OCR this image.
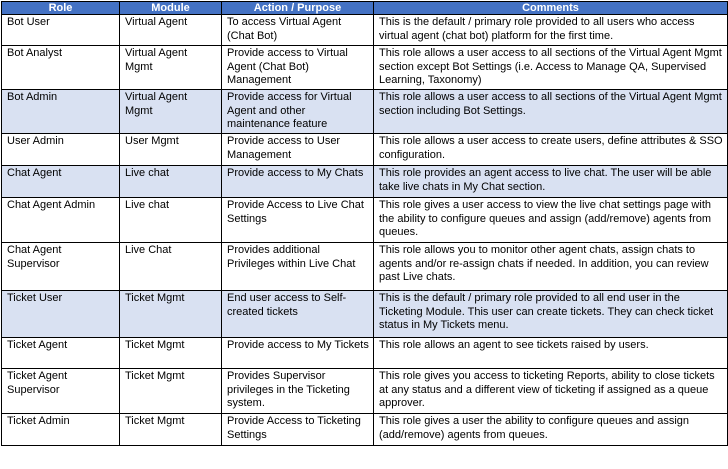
Role	Module	Action / Purpose	Comments
Bot User	Virtual Agent	To access Virtual Agent (Chat Bot)	This is the default / primary role provided to all users who access virtual agent (chat bot) platform for the first time.
Bot Analyst	Virtual Agent Mgmt	Provide access to Virtual Agent (Chat Bot) Management	This role allows a user access to all sections of the Virtual Agent Mgmt section except Bot Settings (i.e. Access to Manage QA, Supervised Learning, Taxonomy)
Bot Admin	Virtual Agent Mgmt	Provide access for Virtual Agent and other maintenance feature	This role allows a user access to all sections of the Virtual Agent Mgmt section including Bot Settings.
User Admin	User Mgmt	Provide access to User Management	This role allows a user access to create users, define attributes & SSO configuration.
Chat Agent	Live chat	Provide access to My Chats	This role provides an agent access to live chat. The user will be able take live chats in My Chat section.
Chat Agent Admin	Live chat	Provide Access to Live Chat Settings	This role gives a user access to view the live chat settings page with the ability to configure queues and assign (add/remove) agents from queues.
Chat Agent Supervisor	Live Chat	Provides additional Privileges within Live Chat	This role allows you to monitor other agent chats, assign chats to agents and/or re-assign chats if needed. In addition, you can review past Live chats.
Ticket User	Ticket Mgmt	End user access to Self-created tickets	This is the default / primary role provided to all end user in the Ticketing Module. This user can create tickets. They can check ticket status in My Tickets menu.
Ticket Agent	Ticket Mgmt	Provide access to My Tickets	This role allows an agent to see tickets raised by users.
Ticket Agent Supervisor	Ticket Mgmt	Provides Supervisor privileges in the Ticketing system.	This role gives you access to ticketing Reports, ability to close tickets at any status and a different view of ticketing if assigned as a queue approver.
Ticket Admin	Ticket Mgmt	Provide Access to Ticketing Settings	This role gives a user the ability to configure queues and assign (add/remove) agents from queues.
